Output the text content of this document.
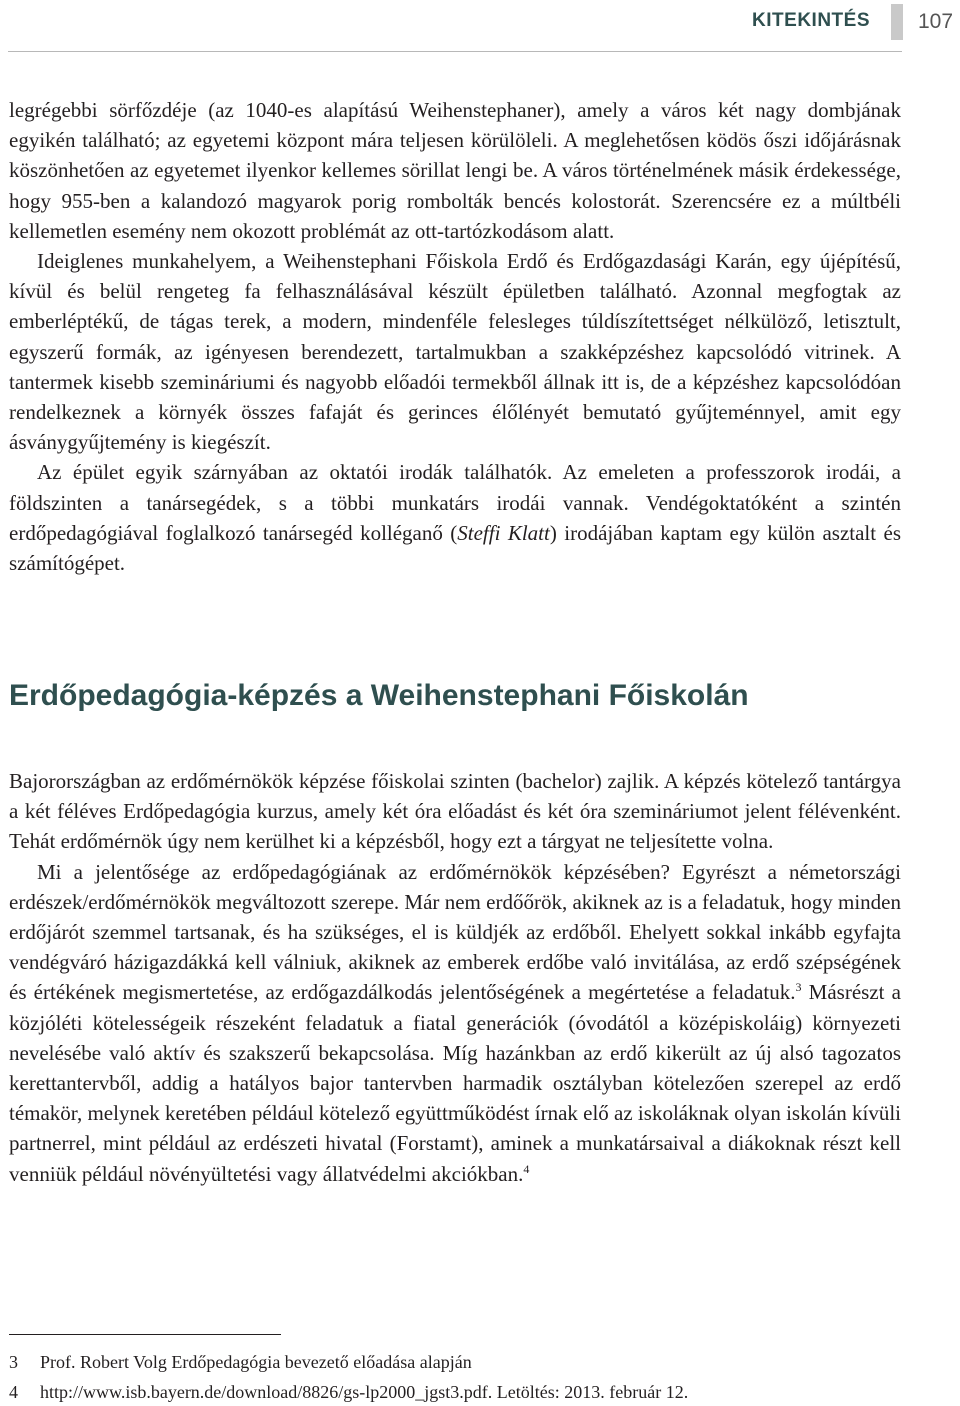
KITEKINTÉS 107

legrégebbi sörfőzdéje (az 1040-es alapítású Weihenstephaner), amely a város két nagy dombjának egyikén található; az egyetemi központ mára teljesen körülöleli. A meglehetősen ködös őszi időjárásnak köszönhetően az egyetemet ilyenkor kellemes sörillat lengi be. A város történelmének másik érdekessége, hogy 955-ben a kalandozó magyarok porig rombolták bencés kolostorát. Szerencsére ez a múltbéli kellemetlen esemény nem okozott problémát az ott-tartózkodásom alatt.

Ideiglenes munkahelyem, a Weihenstephani Főiskola Erdő és Erdőgazdasági Karán, egy újépítésű, kívül és belül rengeteg fa felhasználásával készült épületben található. Azonnal megfogtak az emberléptékű, de tágas terek, a modern, mindenféle felesleges túldíszítettséget nélkülöző, letisztult, egyszerű formák, az igényesen berendezett, tartalmukban a szakképzéshez kapcsolódó vitrinek. A tantermek kisebb szemináriumi és nagyobb előadói termekből állnak itt is, de a képzéshez kapcsolódóan rendelkeznek a környék összes fafaját és gerinces élőlényét bemutató gyűjteménnyel, amit egy ásványgyűjtemény is kiegészít.

Az épület egyik szárnyában az oktatói irodák találhatók. Az emeleten a professzorok irodái, a földszinten a tanársegédek, s a többi munkatárs irodái vannak. Vendégoktatóként a szintén erdőpedagógiával foglalkozó tanársegéd kolléganő (Steffi Klatt) irodájában kaptam egy külön asztalt és számítógépet.

Erdőpedagógia-képzés a Weihenstephani Főiskolán

Bajorországban az erdőmérnökök képzése főiskolai szinten (bachelor) zajlik. A képzés kötelező tantárgya a két féléves Erdőpedagógia kurzus, amely két óra előadást és két óra szemináriumot jelent félévenként. Tehát erdőmérnök úgy nem kerülhet ki a képzésből, hogy ezt a tárgyat ne teljesítette volna.

Mi a jelentősége az erdőpedagógiának az erdőmérnökök képzésében? Egyrészt a németországi erdészek/erdőmérnökök megváltozott szerepe. Már nem erdőőrök, akiknek az is a feladatuk, hogy minden erdőjárót szemmel tartsanak, és ha szükséges, el is küldjék az erdőből. Ehelyett sokkal inkább egyfajta vendégváró házigazdákká kell válniuk, akiknek az emberek erdőbe való invitálása, az erdő szépségének és értékének megismertetése, az erdőgazdálkodás jelentőségének a megértetése a feladatuk.$^3$ Másrészt a közjóléti kötelességeik részeként feladatuk a fiatal generációk (óvodától a középiskoláig) környezeti nevelésébe való aktív és szakszerű bekapcsolása. Míg hazánkban az erdő kikerült az új alsó tagozatos kerettantervből, addig a hatályos bajor tantervben harmadik osztályban kötelezően szerepel az erdő témakör, melynek keretében például kötelező együttműködést írnak elő az iskoláknak olyan iskolán kívüli partnerrel, mint például az erdészeti hivatal (Forstamt), aminek a munkatársaival a diákoknak részt kell venniük például növényültetési vagy állatvédelmi akciókban.$^4$

3 Prof. Robert Volg Erdőpedagógia bevezető előadása alapján
4 http://www.isb.bayern.de/download/8826/gs-lp2000_jgst3.pdf. Letöltés: 2013. február 12.
